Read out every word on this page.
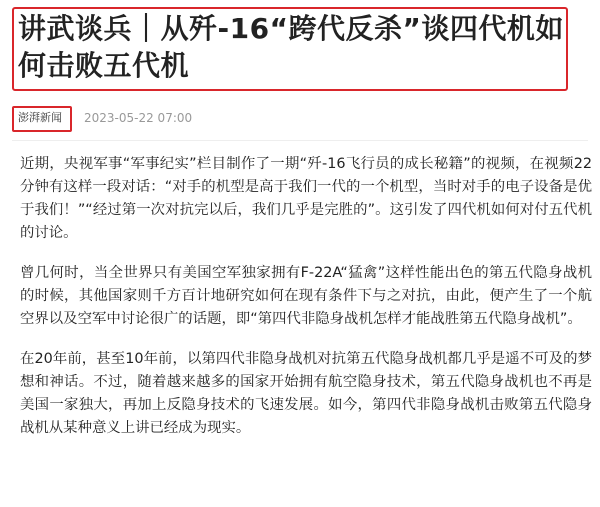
讲武谈兵｜从歼-16“跨代反杀”谈四代机如何击败五代机
澎湃新闻 2023-05-22 07:00

近期，央视军事“军事纪实”栏目制作了一期“歼-16飞行员的成长秘籍”的视频，在视频22分钟有这样一段对话：“对手的机型是高于我们一代的一个机型，当时对手的电子设备是优于我们！”“经过第一次对抗完以后，我们几乎是完胜的”。这引发了四代机如何对付五代机的讨论。

曾几何时，当全世界只有美国空军独家拥有F-22A“猛禽”这样性能出色的第五代隐身战机的时候，其他国家则千方百计地研究如何在现有条件下与之对抗，由此，便产生了一个航空界以及空军中讨论很广的话题，即“第四代非隐身战机怎样才能战胜第五代隐身战机”。

在20年前，甚至10年前，以第四代非隐身战机对抗第五代隐身战机都几乎是遥不可及的梦想和神话。不过，随着越来越多的国家开始拥有航空隐身技术，第五代隐身战机也不再是美国一家独大，再加上反隐身技术的飞速发展。如今，第四代非隐身战机击败第五代隐身战机从某种意义上讲已经成为现实。
